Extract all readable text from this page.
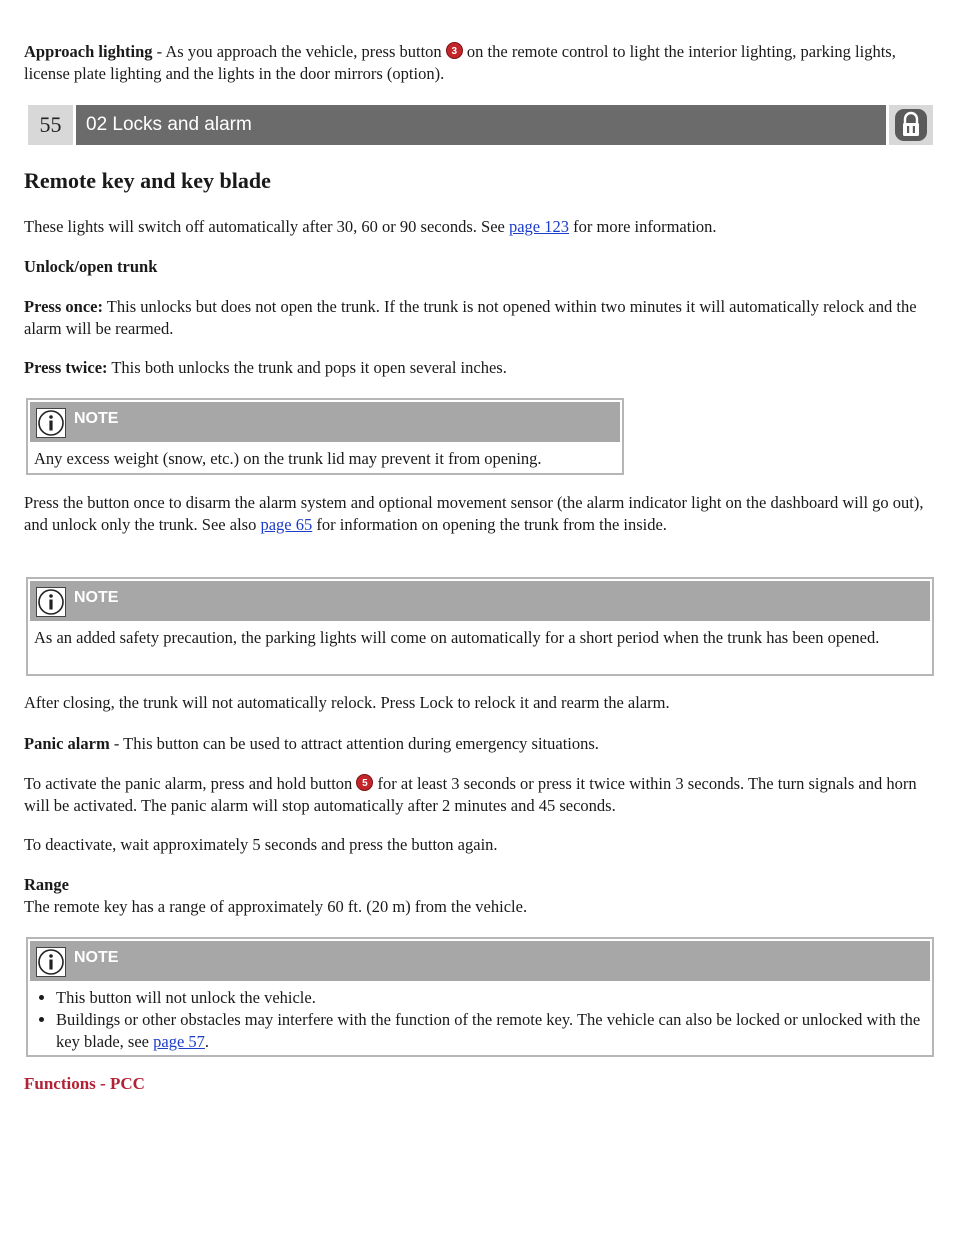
Approach lighting - As you approach the vehicle, press button 3 on the remote control to light the interior lighting, parking lights, license plate lighting and the lights in the door mirrors (option).

Remote key and key blade

These lights will switch off automatically after 30, 60 or 90 seconds. See page 123 for more information.

Unlock/open trunk

Press once: This unlocks but does not open the trunk. If the trunk is not opened within two minutes it will automatically relock and the alarm will be rearmed.

Press twice: This both unlocks the trunk and pops it open several inches.

Press the button once to disarm the alarm system and optional movement sensor (the alarm indicator light on the dashboard will go out), and unlock only the trunk. See also page 65 for information on opening the trunk from the inside.

After closing, the trunk will not automatically relock. Press Lock to relock it and rearm the alarm.

Panic alarm - This button can be used to attract attention during emergency situations.

To activate the panic alarm, press and hold button 5 for at least 3 seconds or press it twice within 3 seconds. The turn signals and horn will be activated. The panic alarm will stop automatically after 2 minutes and 45 seconds.

To deactivate, wait approximately 5 seconds and press the button again.

Range
The remote key has a range of approximately 60 ft. (20 m) from the vehicle.

Functions - PCC

55	02 Locks and alarm
NOTE
Any excess weight (snow, etc.) on the trunk lid may prevent it from opening.
NOTE
As an added safety precaution, the parking lights will come on automatically for a short period when the trunk has been opened.
NOTE
• This button will not unlock the vehicle.
• Buildings or other obstacles may interfere with the function of the remote key. The vehicle can also be locked or unlocked with the key blade, see page 57.
